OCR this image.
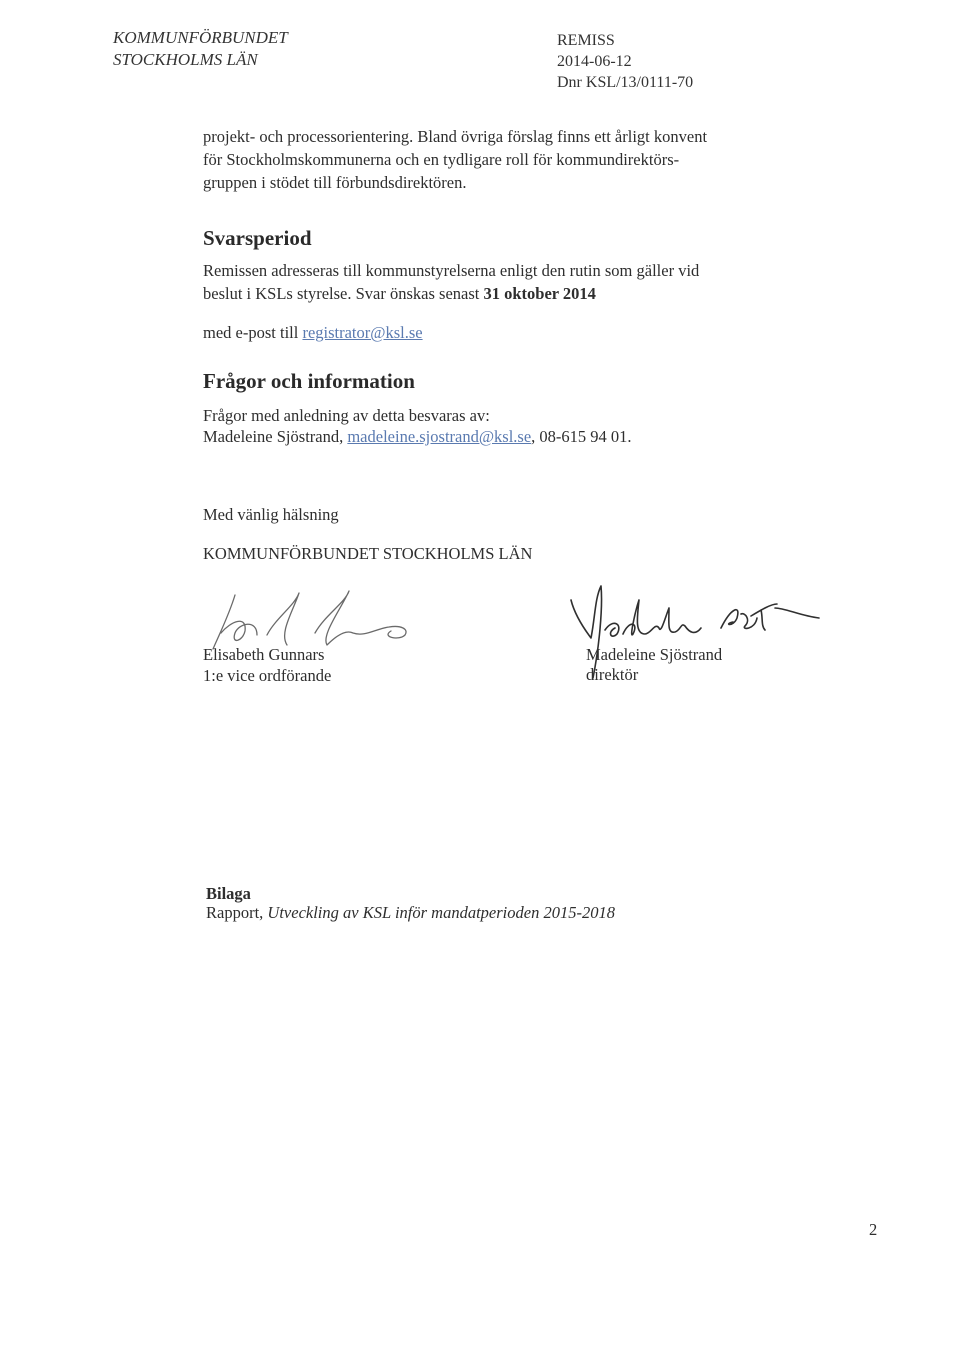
KOMMUNFÖRBUNDET
STOCKHOLMS LÄN
REMISS
2014-06-12
Dnr KSL/13/0111-70
projekt- och processorientering. Bland övriga förslag finns ett årligt konvent
för Stockholmskommunerna och en tydligare roll för kommundirektörs-
gruppen i stödet till förbundsdirektören.
Svarsperiod
Remissen adresseras till kommunstyrelserna enligt den rutin som gäller vid
beslut i KSLs styrelse. Svar önskas senast 31 oktober 2014
med e-post till registrator@ksl.se
Frågor och information
Frågor med anledning av detta besvaras av:
Madeleine Sjöstrand, madeleine.sjostrand@ksl.se, 08-615 94 01.
Med vänlig hälsning
KOMMUNFÖRBUNDET STOCKHOLMS LÄN
Elisabeth Gunnars
1:e vice ordförande
Madeleine Sjöstrand
direktör
Bilaga
Rapport, Utveckling av KSL inför mandatperioden 2015-2018
2
